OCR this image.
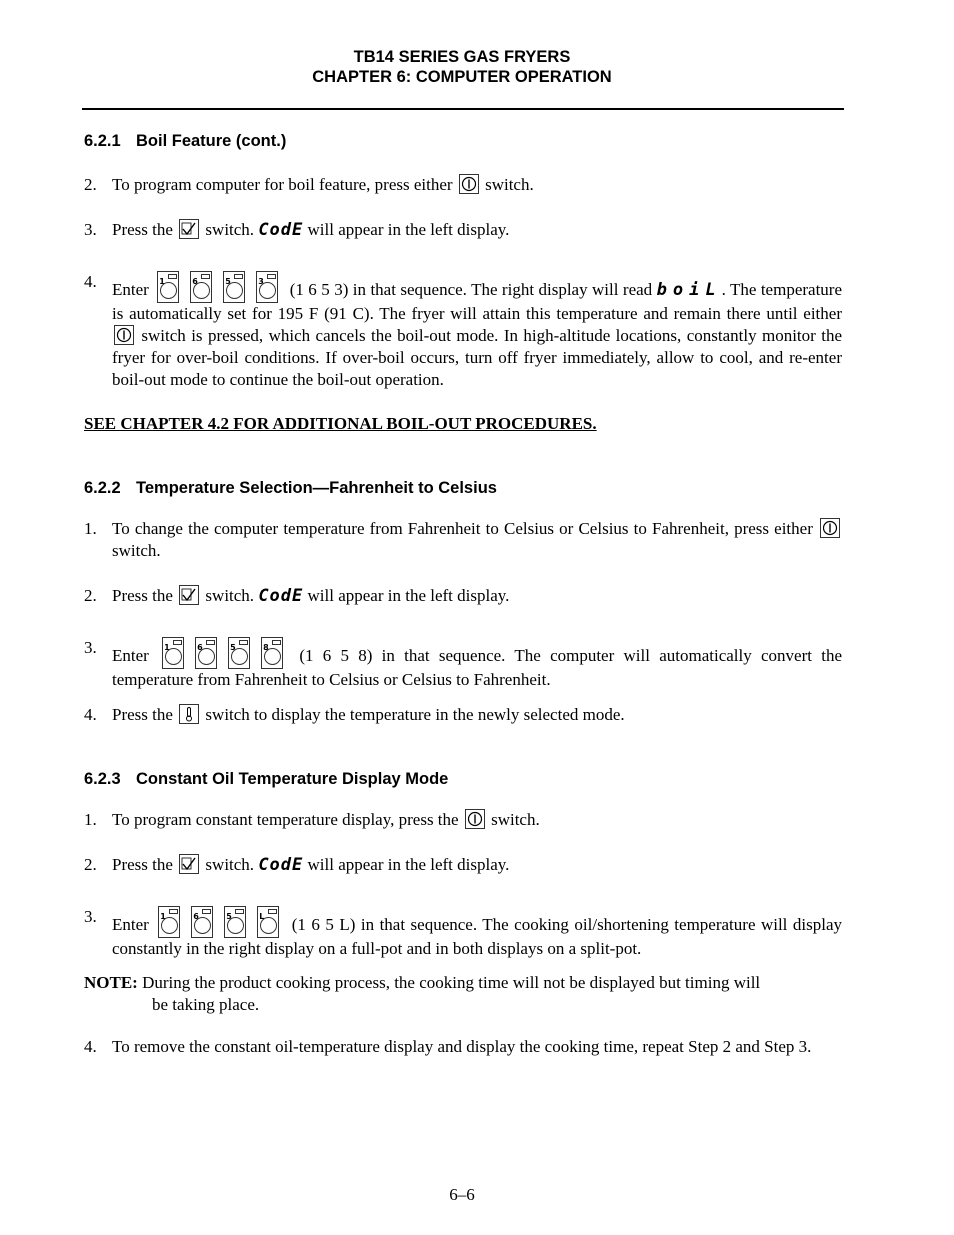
TB14 SERIES GAS FRYERS
CHAPTER 6: COMPUTER OPERATION
6.2.1 Boil Feature (cont.)
2. To program computer for boil feature, press either
switch.
3. Press the
switch. CodE will appear in the left display.
4. Enter 1	6	5	3 (1 6 5 3) in that sequence. The right display will read boiL. The temperature is automatically set for 195 F (91 C). The fryer will attain this temperature and remain there until either
switch is pressed, which cancels the boil-out mode. In high-altitude locations, constantly monitor the fryer for over-boil conditions. If over-boil occurs, turn off fryer immediately, allow to cool, and re-enter boil-out mode to continue the boil-out operation.
SEE CHAPTER 4.2 FOR ADDITIONAL BOIL-OUT PROCEDURES.
6.2.2 Temperature Selection—Fahrenheit to Celsius
1. To change the computer temperature from Fahrenheit to Celsius or Celsius to Fahrenheit, press either
switch.
2. Press the
switch. CodE will appear in the left display.
3. Enter 1	6	5	8 (1 6 5 8) in that sequence. The computer will automatically convert the temperature from Fahrenheit to Celsius or Celsius to Fahrenheit.
4. Press the
switch to display the temperature in the newly selected mode.
6.2.3 Constant Oil Temperature Display Mode
1. To program constant temperature display, press the
switch.
2. Press the
switch. CodE will appear in the left display.
3. Enter 1	6	5	L (1 6 5 L) in that sequence. The cooking oil/shortening temperature will display constantly in the right display on a full-pot and in both displays on a split-pot.
NOTE: During the product cooking process, the cooking time will not be displayed but timing will
be taking place.
4. To remove the constant oil-temperature display and display the cooking time, repeat Step 2 and Step 3.
6–6
